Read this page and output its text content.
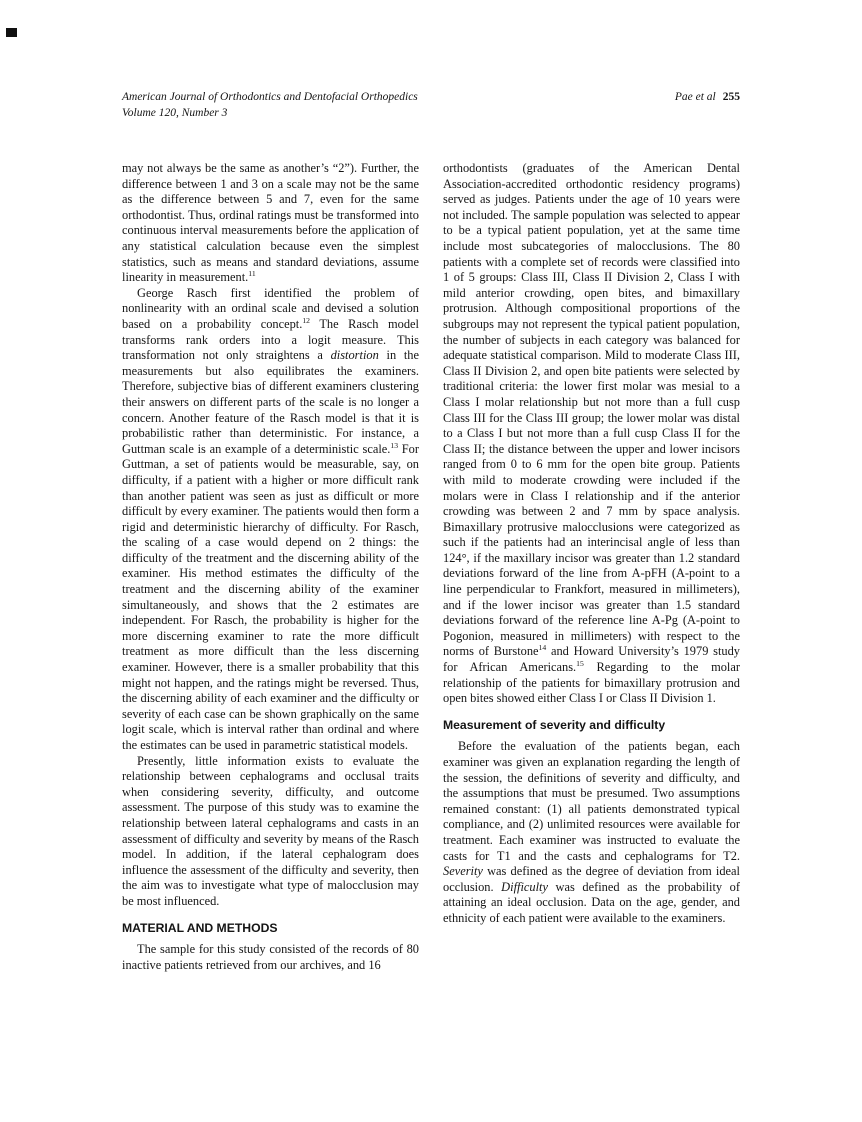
American Journal of Orthodontics and Dentofacial Orthopedics
Volume 120, Number 3
Pae et al 255

may not always be the same as another’s “2”). Further, the difference between 1 and 3 on a scale may not be the same as the difference between 5 and 7, even for the same orthodontist. Thus, ordinal ratings must be transformed into continuous interval measurements before the application of any statistical calculation because even the simplest statistics, such as means and standard deviations, assume linearity in measurement.$^{11}$

George Rasch first identified the problem of nonlinearity with an ordinal scale and devised a solution based on a probability concept.$^{12}$ The Rasch model transforms rank orders into a logit measure. This transformation not only straightens a distortion in the measurements but also equilibrates the examiners. Therefore, subjective bias of different examiners clustering their answers on different parts of the scale is no longer a concern. Another feature of the Rasch model is that it is probabilistic rather than deterministic. For instance, a Guttman scale is an example of a deterministic scale.$^{13}$ For Guttman, a set of patients would be measurable, say, on difficulty, if a patient with a higher or more difficult rank than another patient was seen as just as difficult or more difficult by every examiner. The patients would then form a rigid and deterministic hierarchy of difficulty. For Rasch, the scaling of a case would depend on 2 things: the difficulty of the treatment and the discerning ability of the examiner. His method estimates the difficulty of the treatment and the discerning ability of the examiner simultaneously, and shows that the 2 estimates are independent. For Rasch, the probability is higher for the more discerning examiner to rate the more difficult treatment as more difficult than the less discerning examiner. However, there is a smaller probability that this might not happen, and the ratings might be reversed. Thus, the discerning ability of each examiner and the difficulty or severity of each case can be shown graphically on the same logit scale, which is interval rather than ordinal and where the estimates can be used in parametric statistical models.

Presently, little information exists to evaluate the relationship between cephalograms and occlusal traits when considering severity, difficulty, and outcome assessment. The purpose of this study was to examine the relationship between lateral cephalograms and casts in an assessment of difficulty and severity by means of the Rasch model. In addition, if the lateral cephalogram does influence the assessment of the difficulty and severity, then the aim was to investigate what type of malocclusion may be most influenced.

MATERIAL AND METHODS

The sample for this study consisted of the records of 80 inactive patients retrieved from our archives, and 16

orthodontists (graduates of the American Dental Association-accredited orthodontic residency programs) served as judges. Patients under the age of 10 years were not included. The sample population was selected to appear to be a typical patient population, yet at the same time include most subcategories of malocclusions. The 80 patients with a complete set of records were classified into 1 of 5 groups: Class III, Class II Division 2, Class I with mild anterior crowding, open bites, and bimaxillary protrusion. Although compositional proportions of the subgroups may not represent the typical patient population, the number of subjects in each category was balanced for adequate statistical comparison. Mild to moderate Class III, Class II Division 2, and open bite patients were selected by traditional criteria: the lower first molar was mesial to a Class I molar relationship but not more than a full cusp Class III for the Class III group; the lower molar was distal to a Class I but not more than a full cusp Class II for the Class II; the distance between the upper and lower incisors ranged from 0 to 6 mm for the open bite group. Patients with mild to moderate crowding were included if the molars were in Class I relationship and if the anterior crowding was between 2 and 7 mm by space analysis. Bimaxillary protrusive malocclusions were categorized as such if the patients had an interincisal angle of less than 124°, if the maxillary incisor was greater than 1.2 standard deviations forward of the line from A-pFH (A-point to a line perpendicular to Frankfort, measured in millimeters), and if the lower incisor was greater than 1.5 standard deviations forward of the reference line A-Pg (A-point to Pogonion, measured in millimeters) with respect to the norms of Burstone$^{14}$ and Howard University’s 1979 study for African Americans.$^{15}$ Regarding to the molar relationship of the patients for bimaxillary protrusion and open bites showed either Class I or Class II Division 1.

Measurement of severity and difficulty

Before the evaluation of the patients began, each examiner was given an explanation regarding the length of the session, the definitions of severity and difficulty, and the assumptions that must be presumed. Two assumptions remained constant: (1) all patients demonstrated typical compliance, and (2) unlimited resources were available for treatment. Each examiner was instructed to evaluate the casts for T1 and the casts and cephalograms for T2. Severity was defined as the degree of deviation from ideal occlusion. Difficulty was defined as the probability of attaining an ideal occlusion. Data on the age, gender, and ethnicity of each patient were available to the examiners.
